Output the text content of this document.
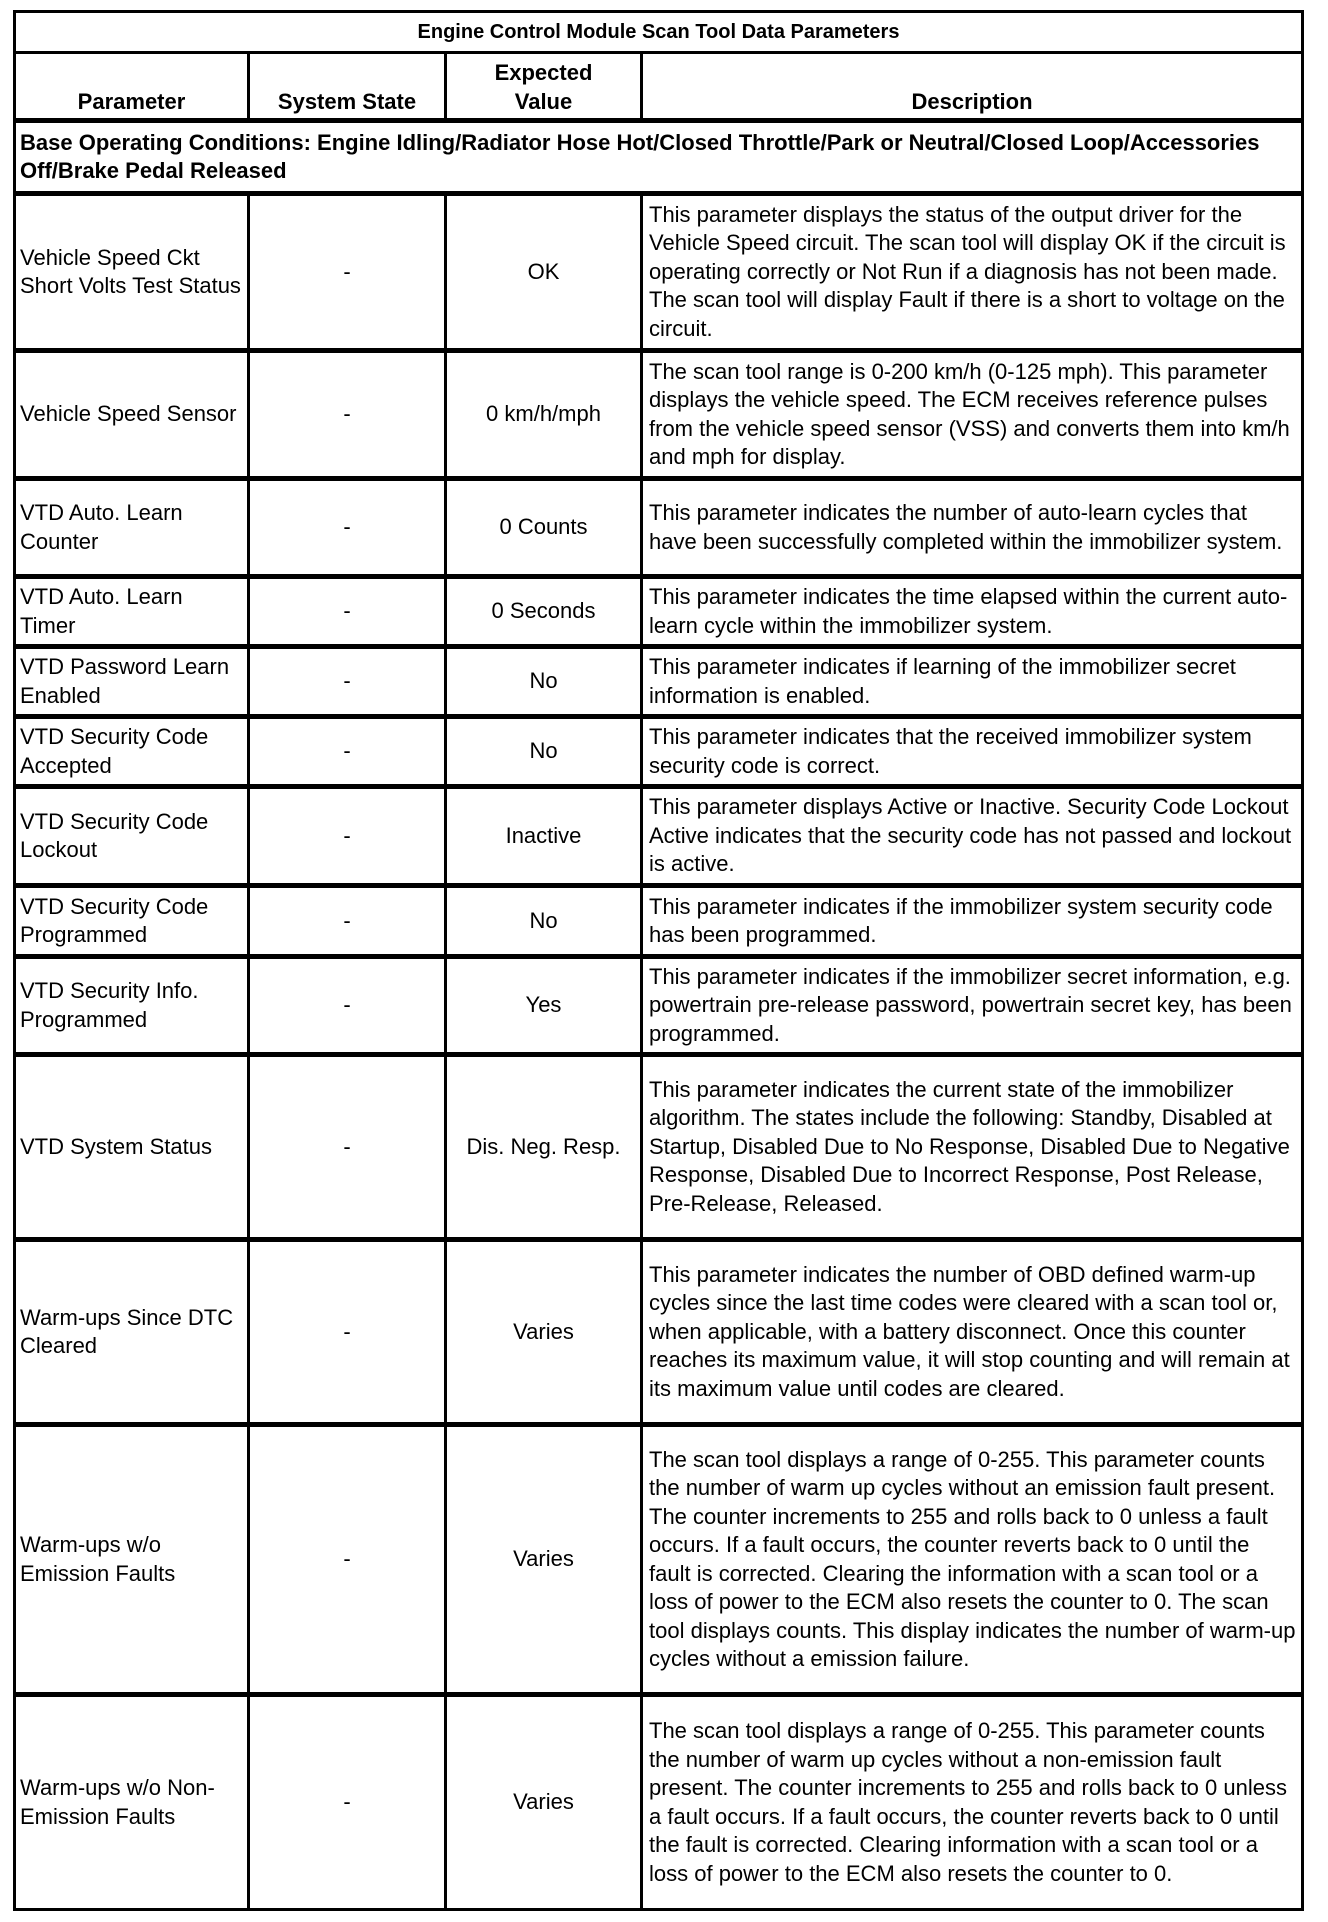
Engine Control Module Scan Tool Data Parameters			
Parameter	System State	Expected Value	Description
Base Operating Conditions: Engine Idling/Radiator Hose Hot/Closed Throttle/Park or Neutral/Closed Loop/Accessories Off/Brake Pedal Released			
Vehicle Speed Ckt Short Volts Test Status	-	OK	This parameter displays the status of the output driver for the Vehicle Speed circuit. The scan tool will display OK if the circuit is operating correctly or Not Run if a diagnosis has not been made. The scan tool will display Fault if there is a short to voltage on the circuit.
Vehicle Speed Sensor	-	0 km/h/mph	The scan tool range is 0-200 km/h (0-125 mph). This parameter displays the vehicle speed. The ECM receives reference pulses from the vehicle speed sensor (VSS) and converts them into km/h and mph for display.
VTD Auto. Learn Counter	-	0 Counts	This parameter indicates the number of auto-learn cycles that have been successfully completed within the immobilizer system.
VTD Auto. Learn Timer	-	0 Seconds	This parameter indicates the time elapsed within the current auto-learn cycle within the immobilizer system.
VTD Password Learn Enabled	-	No	This parameter indicates if learning of the immobilizer secret information is enabled.
VTD Security Code Accepted	-	No	This parameter indicates that the received immobilizer system security code is correct.
VTD Security Code Lockout	-	Inactive	This parameter displays Active or Inactive. Security Code Lockout Active indicates that the security code has not passed and lockout is active.
VTD Security Code Programmed	-	No	This parameter indicates if the immobilizer system security code has been programmed.
VTD Security Info. Programmed	-	Yes	This parameter indicates if the immobilizer secret information, e.g. powertrain pre-release password, powertrain secret key, has been programmed.
VTD System Status	-	Dis. Neg. Resp.	This parameter indicates the current state of the immobilizer algorithm. The states include the following: Standby, Disabled at Startup, Disabled Due to No Response, Disabled Due to Negative Response, Disabled Due to Incorrect Response, Post Release, Pre-Release, Released.
Warm-ups Since DTC Cleared	-	Varies	This parameter indicates the number of OBD defined warm-up cycles since the last time codes were cleared with a scan tool or, when applicable, with a battery disconnect. Once this counter reaches its maximum value, it will stop counting and will remain at its maximum value until codes are cleared.
Warm-ups w/o Emission Faults	-	Varies	The scan tool displays a range of 0-255. This parameter counts the number of warm up cycles without an emission fault present. The counter increments to 255 and rolls back to 0 unless a fault occurs. If a fault occurs, the counter reverts back to 0 until the fault is corrected. Clearing the information with a scan tool or a loss of power to the ECM also resets the counter to 0. The scan tool displays counts. This display indicates the number of warm-up cycles without a emission failure.
Warm-ups w/o Non-Emission Faults	-	Varies	The scan tool displays a range of 0-255. This parameter counts the number of warm up cycles without a non-emission fault present. The counter increments to 255 and rolls back to 0 unless a fault occurs. If a fault occurs, the counter reverts back to 0 until the fault is corrected. Clearing information with a scan tool or a loss of power to the ECM also resets the counter to 0.
